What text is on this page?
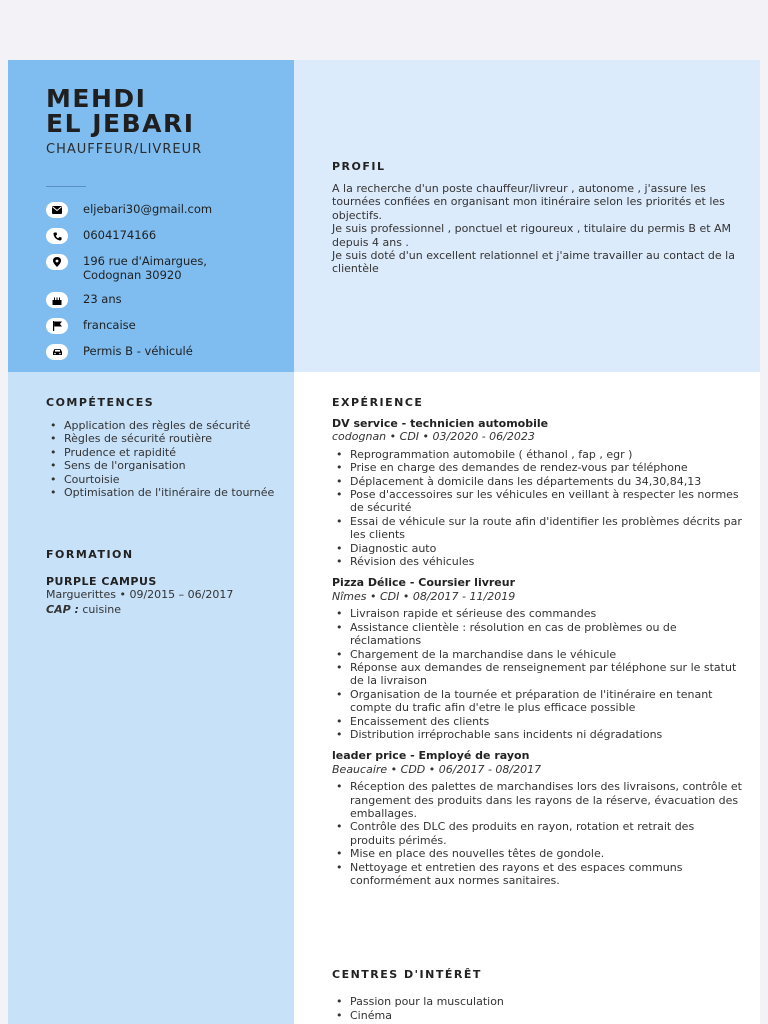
MEHDI
EL JEBARI
CHAUFFEUR/LIVREUR
eljebari30@gmail.com
0604174166
196 rue d'Aimargues, Codognan 30920
23 ans
francaise
Permis B - véhiculé
PROFIL

A la recherche d'un poste chauffeur/livreur , autonome , j'assure les tournées confiées en organisant mon itinéraire selon les priorités et les objectifs.

Je suis professionnel , ponctuel et rigoureux , titulaire du permis B et AM depuis 4 ans .

Je suis doté d'un excellent relationnel et j'aime travailler au contact de la clientèle

COMPÉTENCES
• Application des règles de sécurité
• Règles de sécurité routière
• Prudence et rapidité
• Sens de l'organisation
• Courtoisie
• Optimisation de l'itinéraire de tournée
FORMATION
PURPLE CAMPUS
Marguerittes • 09/2015 – 06/2017
CAP : cuisine
EXPÉRIENCE
DV service - technicien automobile
codognan • CDI • 03/2020 - 06/2023
• Reprogrammation automobile ( éthanol , fap , egr )
• Prise en charge des demandes de rendez-vous par téléphone
• Déplacement à domicile dans les départements du 34,30,84,13
• Pose d'accessoires sur les véhicules en veillant à respecter les normes de sécurité
• Essai de véhicule sur la route afin d'identifier les problèmes décrits par les clients
• Diagnostic auto
• Révision des véhicules
Pizza Délice - Coursier livreur
Nîmes • CDI • 08/2017 - 11/2019
• Livraison rapide et sérieuse des commandes
• Assistance clientèle : résolution en cas de problèmes ou de réclamations
• Chargement de la marchandise dans le véhicule
• Réponse aux demandes de renseignement par téléphone sur le statut de la livraison
• Organisation de la tournée et préparation de l'itinéraire en tenant compte du trafic afin d'etre le plus efficace possible
• Encaissement des clients
• Distribution irréprochable sans incidents ni dégradations
leader price - Employé de rayon
Beaucaire • CDD • 06/2017 - 08/2017
• Réception des palettes de marchandises lors des livraisons, contrôle et rangement des produits dans les rayons de la réserve, évacuation des emballages.
• Contrôle des DLC des produits en rayon, rotation et retrait des produits périmés.
• Mise en place des nouvelles têtes de gondole.
• Nettoyage et entretien des rayons et des espaces communs conformément aux normes sanitaires.
CENTRES D'INTÉRÊT
• Passion pour la musculation
• Cinéma
